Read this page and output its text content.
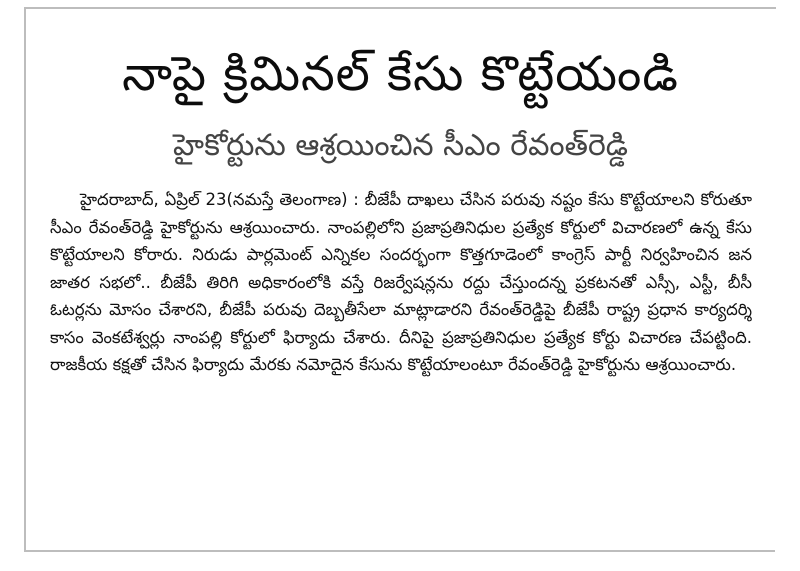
నాపై క్రిమినల్ కేసు కొట్టేయండి
హైకోర్టును ఆశ్రయించిన సీఎం రేవంత్‌రెడ్డి

హైదరాబాద్, ఏప్రిల్ 23(నమస్తే తెలంగాణ) : బీజేపీ దాఖలు చేసిన పరువు నష్టం కేసు కొట్టేయాలని కోరుతూ సీఎం రేవంత్‌రెడ్డి హైకోర్టును ఆశ్రయించారు. నాంపల్లిలోని ప్రజాప్రతినిధుల ప్రత్యేక కోర్టులో విచారణలో ఉన్న కేసు కొట్టేయాలని కోరారు. నిరుడు పార్లమెంట్ ఎన్నికల సందర్భంగా కొత్తగూడెంలో కాంగ్రెస్ పార్టీ నిర్వహించిన జన జాతర సభలో.. బీజేపీ తిరిగి అధికారంలోకి వస్తే రిజర్వేషన్లను రద్దు చేస్తుందన్న ప్రకటనతో ఎస్సీ, ఎస్టీ, బీసీ ఓటర్లను మోసం చేశారని, బీజేపీ పరువు దెబ్బతీసేలా మాట్లాడారని రేవంత్‌రెడ్డిపై బీజేపీ రాష్ట్ర ప్రధాన కార్యదర్శి కాసం వెంకటేశ్వర్లు నాంపల్లి కోర్టులో ఫిర్యాదు చేశారు. దీనిపై ప్రజాప్రతినిధుల ప్రత్యేక కోర్టు విచారణ చేపట్టింది. రాజకీయ కక్షతో చేసిన ఫిర్యాదు మేరకు నమోదైన కేసును కొట్టేయాలంటూ రేవంత్‌రెడ్డి హైకోర్టును ఆశ్రయించారు.
